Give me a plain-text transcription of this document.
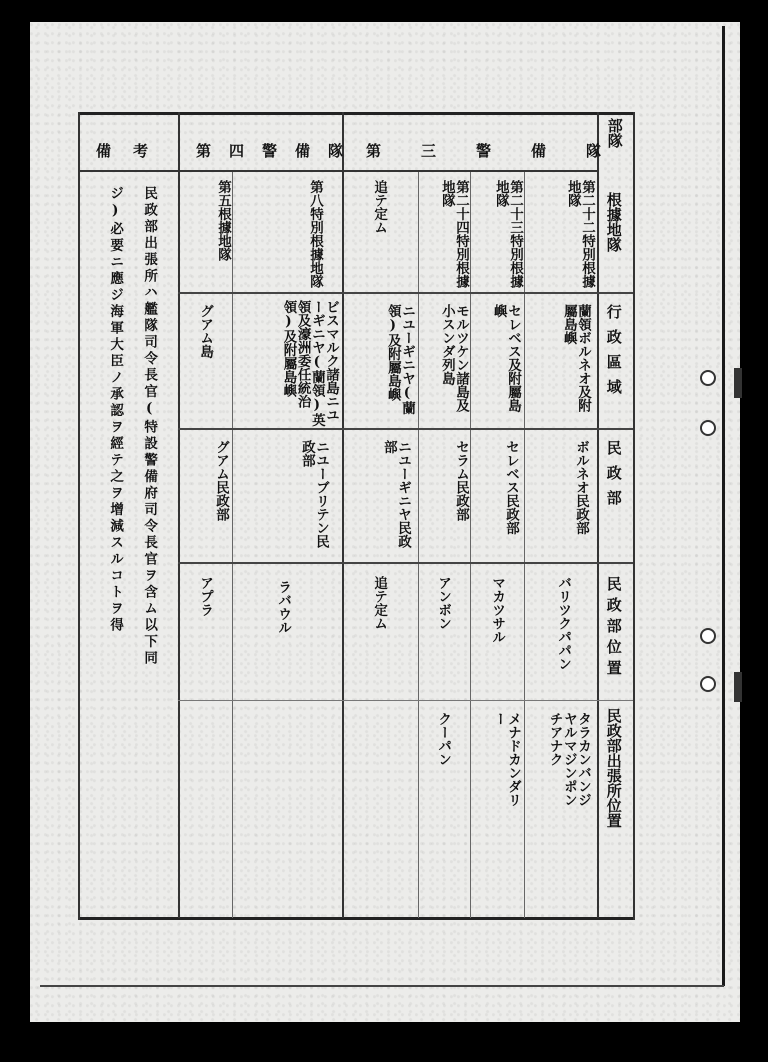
備考 第四警備隊 第三警備隊
部隊
根據地隊
行政區域
民政部
民政部位置
民政部出張所位置
第二十二特別根據地隊
蘭領ボルネオ及附屬島嶼
ボルネオ民政部
バリツクパパン
タラカンバンジヤルマジンポンチアナク
第二十三特別根據地隊
セレベス及附屬島嶼
セレベス民政部
マカツサル
メナドカンダリー
第二十四特別根據地隊
モルツケン諸島及小スンダ列島
セラム民政部
アンボン
クーパン
追テ定ム
ニユーギニヤ(蘭領)及附屬島嶼
ニユーギニヤ民政部
追テ定ム
第八特別根據地隊
ビスマルク諸島ニユーギニヤ(蘭領)英領及濠洲委任統治領)及附屬島嶼
ニユーブリテン民政部
ラバウル
第五根據地隊
グアム島
グアム民政部
アプラ
民政部出張所ハ艦隊司令長官(特設警備府司令長官ヲ含ム以下同
ジ)必要ニ應ジ海軍大臣ノ承認ヲ經テ之ヲ增減スルコトヲ得
